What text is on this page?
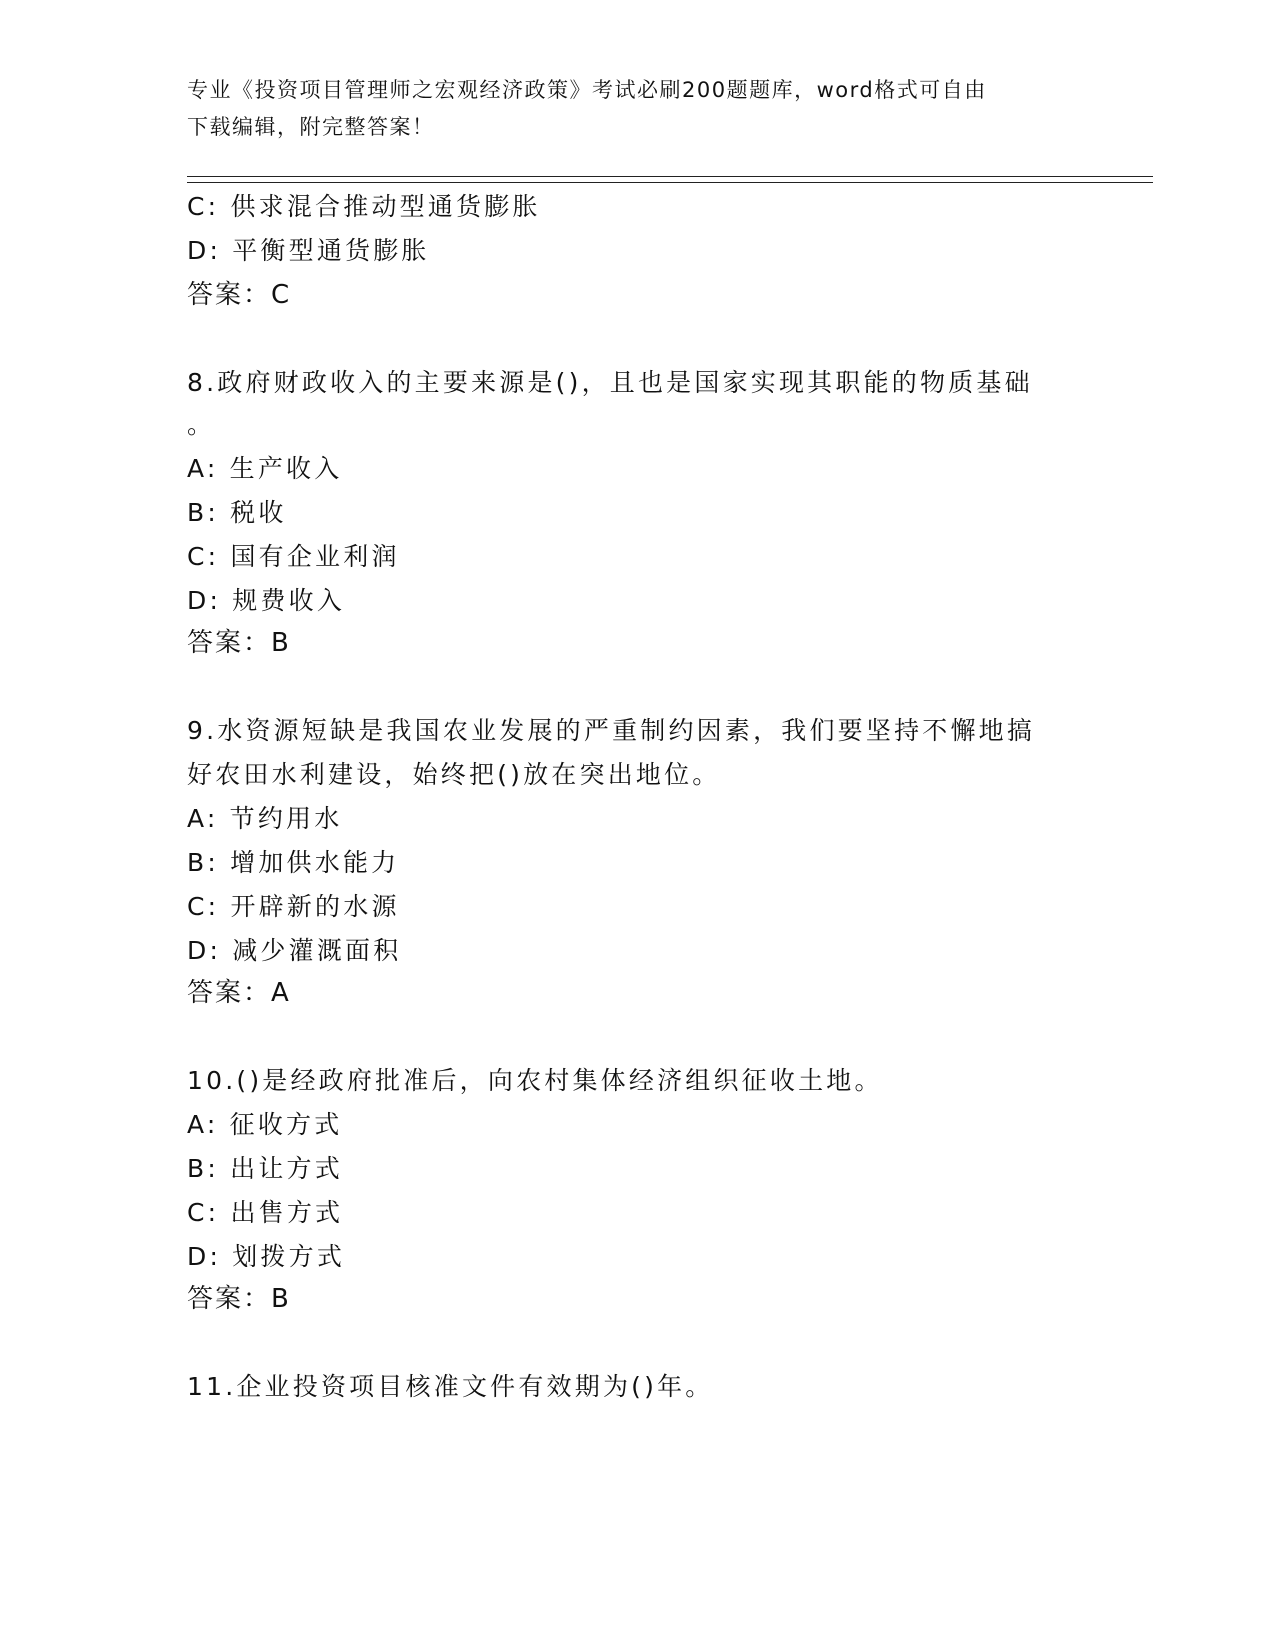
专业《投资项目管理师之宏观经济政策》考试必刷200题题库，word格式可自由
下载编辑，附完整答案！
C: 供求混合推动型通货膨胀
D: 平衡型通货膨胀
答案：C
8.政府财政收入的主要来源是()，且也是国家实现其职能的物质基础
。
A: 生产收入
B: 税收
C: 国有企业利润
D: 规费收入
答案：B
9.水资源短缺是我国农业发展的严重制约因素，我们要坚持不懈地搞
好农田水利建设，始终把()放在突出地位。
A: 节约用水
B: 增加供水能力
C: 开辟新的水源
D: 减少灌溉面积
答案：A
10.()是经政府批准后，向农村集体经济组织征收土地。
A: 征收方式
B: 出让方式
C: 出售方式
D: 划拨方式
答案：B
11.企业投资项目核准文件有效期为()年。
